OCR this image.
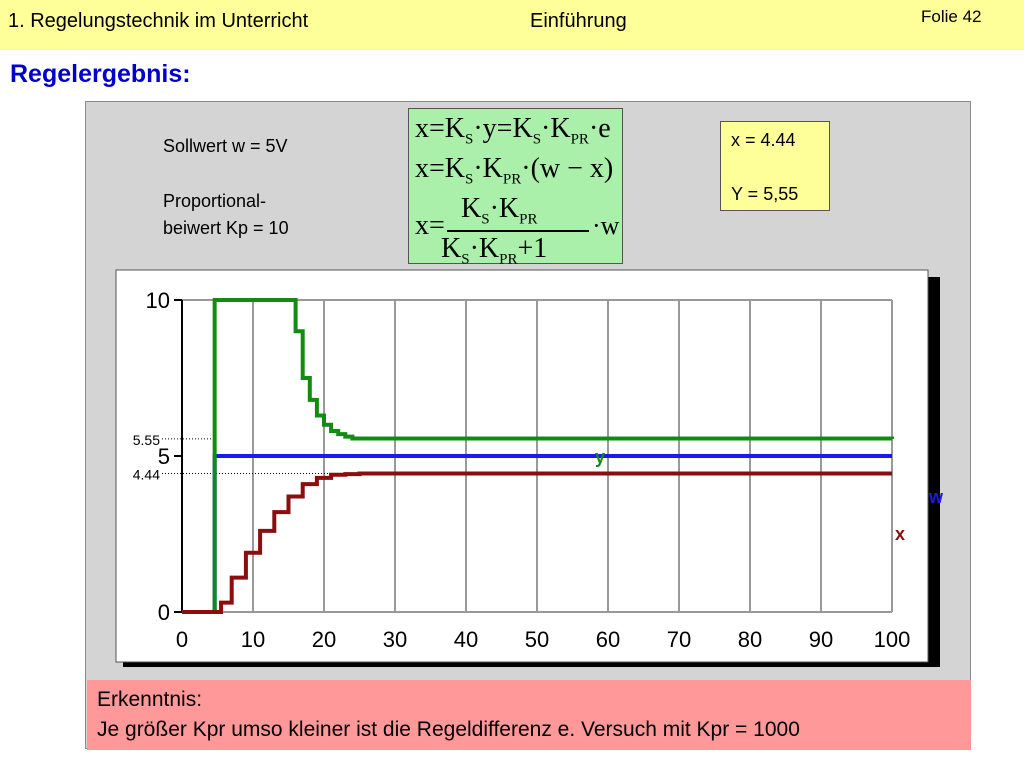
1. Regelungstechnik im Unterricht	Einführung	Folie 42
Regelergebnis:
Sollwert w = 5V
Proportional-
beiwert Kp = 10
$x=K_S\cdot y=K_S\cdot K_{PR}\cdot e$
$x=K_S\cdot K_{PR}\cdot(w - x)$
x=
$K_S\cdot K_{PR}$
$K_S\cdot K_{PR}+1$
·w
x = 4.44
Y = 5,55
5.55
4.44
0 10 20 30 40 50 60 70 80 90 100
0
5
10
y
w
x
Erkenntnis:
Je größer Kpr umso kleiner ist die Regeldifferenz e. Versuch mit Kpr = 1000
